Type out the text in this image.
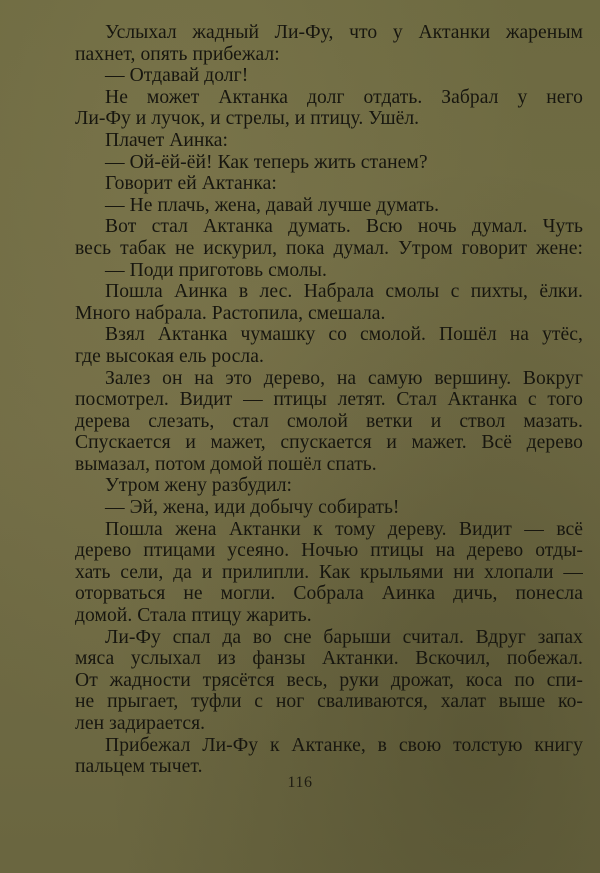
Услыхал жадный Ли-Фу, что у Актанки жареным
пахнет, опять прибежал:
— Отдавай долг!
Не может Актанка долг отдать. Забрал у него
Ли-Фу и лучок, и стрелы, и птицу. Ушёл.
Плачет Аинка:
— Ой-ёй-ёй! Как теперь жить станем?
Говорит ей Актанка:
— Не плачь, жена, давай лучше думать.
Вот стал Актанка думать. Всю ночь думал. Чуть
весь табак не искурил, пока думал. Утром говорит жене:
— Поди приготовь смолы.
Пошла Аинка в лес. Набрала смолы с пихты, ёлки.
Много набрала. Растопила, смешала.
Взял Актанка чумашку со смолой. Пошёл на утёс,
где высокая ель росла.
Залез он на это дерево, на самую вершину. Вокруг
посмотрел. Видит — птицы летят. Стал Актанка с того
дерева слезать, стал смолой ветки и ствол мазать.
Спускается и мажет, спускается и мажет. Всё дерево
вымазал, потом домой пошёл спать.
Утром жену разбудил:
— Эй, жена, иди добычу собирать!
Пошла жена Актанки к тому дереву. Видит — всё
дерево птицами усеяно. Ночью птицы на дерево отды-
хать сели, да и прилипли. Как крыльями ни хлопали —
оторваться не могли. Собрала Аинка дичь, понесла
домой. Стала птицу жарить.
Ли-Фу спал да во сне барыши считал. Вдруг запах
мяса услыхал из фанзы Актанки. Вскочил, побежал.
От жадности трясётся весь, руки дрожат, коса по спи-
не прыгает, туфли с ног сваливаются, халат выше ко-
лен задирается.
Прибежал Ли-Фу к Актанке, в свою толстую книгу
пальцем тычет.
116
